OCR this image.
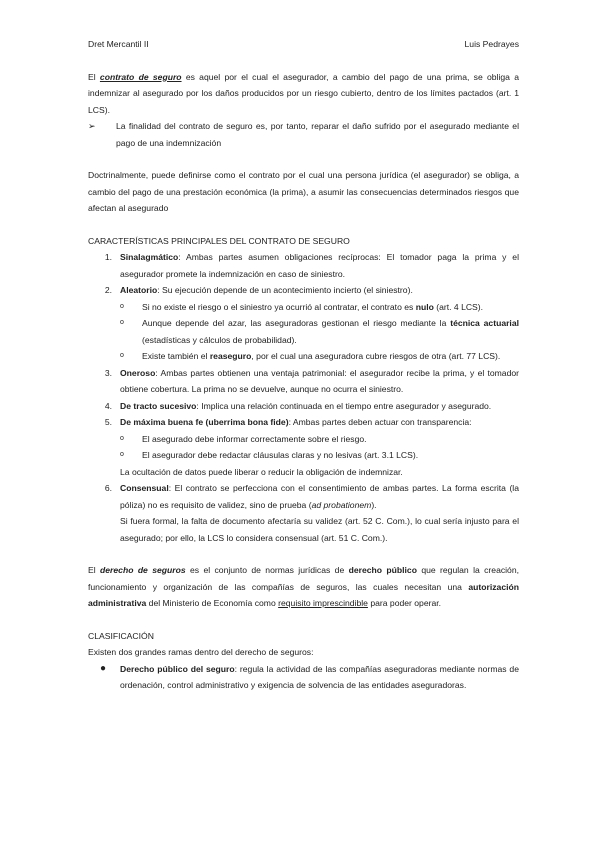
Dret Mercantil II	Luis Pedrayes

El contrato de seguro es aquel por el cual el asegurador, a cambio del pago de una prima, se obliga a indemnizar al asegurado por los daños producidos por un riesgo cubierto, dentro de los límites pactados (art. 1 LCS).

➢	La finalidad del contrato de seguro es, por tanto, reparar el daño sufrido por el asegurado mediante el pago de una indemnización

Doctrinalmente, puede definirse como el contrato por el cual una persona jurídica (el asegurador) se obliga, a cambio del pago de una prestación económica (la prima), a asumir las consecuencias determinados riesgos que afectan al asegurado

CARACTERÍSTICAS PRINCIPALES DEL CONTRATO DE SEGURO

1. Sinalagmático: Ambas partes asumen obligaciones recíprocas: El tomador paga la prima y el asegurador promete la indemnización en caso de siniestro.

2. Aleatorio: Su ejecución depende de un acontecimiento incierto (el siniestro).

o	Si no existe el riesgo o el siniestro ya ocurrió al contratar, el contrato es nulo (art. 4 LCS).

o	Aunque depende del azar, las aseguradoras gestionan el riesgo mediante la técnica actuarial (estadísticas y cálculos de probabilidad).

o	Existe también el reaseguro, por el cual una aseguradora cubre riesgos de otra (art. 77 LCS).

3. Oneroso: Ambas partes obtienen una ventaja patrimonial: el asegurador recibe la prima, y el tomador obtiene cobertura. La prima no se devuelve, aunque no ocurra el siniestro.

4. De tracto sucesivo: Implica una relación continuada en el tiempo entre asegurador y asegurado.

5. De máxima buena fe (uberrima bona fide): Ambas partes deben actuar con transparencia:

o	El asegurado debe informar correctamente sobre el riesgo.

o	El asegurador debe redactar cláusulas claras y no lesivas (art. 3.1 LCS).

La ocultación de datos puede liberar o reducir la obligación de indemnizar.

6. Consensual: El contrato se perfecciona con el consentimiento de ambas partes. La forma escrita (la póliza) no es requisito de validez, sino de prueba (ad probationem).

Si fuera formal, la falta de documento afectaría su validez (art. 52 C. Com.), lo cual sería injusto para el asegurado; por ello, la LCS lo considera consensual (art. 51 C. Com.).

El derecho de seguros es el conjunto de normas jurídicas de derecho público que regulan la creación, funcionamiento y organización de las compañías de seguros, las cuales necesitan una autorización administrativa del Ministerio de Economía como requisito imprescindible para poder operar.

CLASIFICACIÓN

Existen dos grandes ramas dentro del derecho de seguros:

●	Derecho público del seguro: regula la actividad de las compañías aseguradoras mediante normas de ordenación, control administrativo y exigencia de solvencia de las entidades aseguradoras.
